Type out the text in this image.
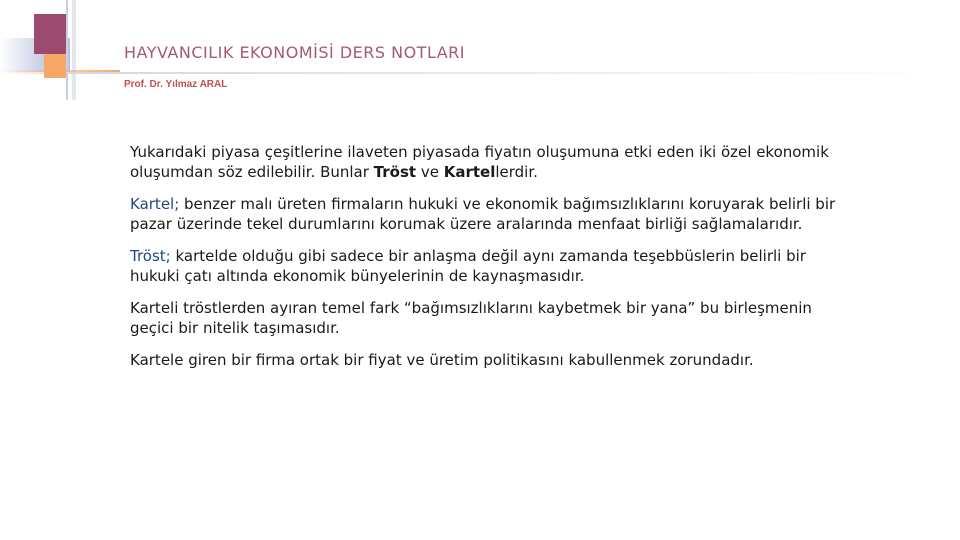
HAYVANCILIK EKONOMİSİ DERS NOTLARI
Prof. Dr. Yılmaz ARAL

Yukarıdaki piyasa çeşitlerine ilaveten piyasada fiyatın oluşumuna etki eden iki özel ekonomik oluşumdan söz edilebilir. Bunlar Tröst ve Kartellerdir.

Kartel; benzer malı üreten firmaların hukuki ve ekonomik bağımsızlıklarını koruyarak belirli bir pazar üzerinde tekel durumlarını korumak üzere aralarında menfaat birliği sağlamalarıdır.

Tröst; kartelde olduğu gibi sadece bir anlaşma değil aynı zamanda teşebbüslerin belirli bir hukuki çatı altında ekonomik bünyelerinin de kaynaşmasıdır.

Karteli tröstlerden ayıran temel fark “bağımsızlıklarını kaybetmek bir yana” bu birleşmenin geçici bir nitelik taşımasıdır.

Kartele giren bir firma ortak bir fiyat ve üretim politikasını kabullenmek zorundadır.
